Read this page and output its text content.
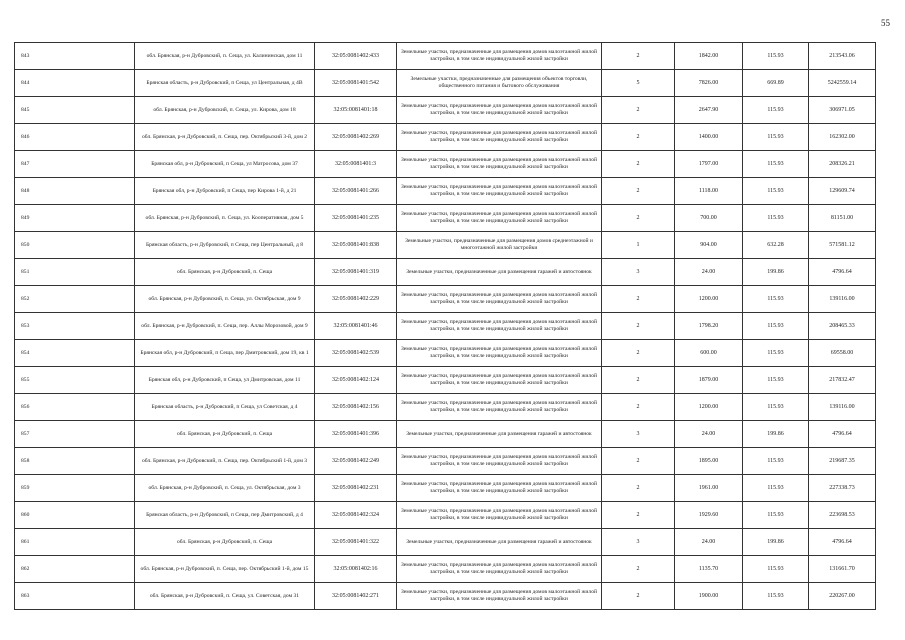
55
843	обл. Брянская, р-н Дубровский, п. Сеща, ул. Калининская, дом 11	32:05:0081402:433	Земельные участки, предназначенные для размещения домов малоэтажной жилой застройки, в том числе индивидуальной жилой застройки	2	1842.00	115.93	213543.06
844	Брянская область, р-н Дубровский, п Сеща, ул Центральная, д 4В	32:05:0081401:542	Земельные участки, предназначенные для размещения объектов торговли, общественного питания и бытового обслуживания	5	7826.00	669.89	5242559.14
845	обл. Брянская, р-н Дубровский, п. Сеща, ул. Кирова, дом 18	32:05:0081401:18	Земельные участки, предназначенные для размещения домов малоэтажной жилой застройки, в том числе индивидуальной жилой застройки	2	2647.90	115.93	306971.05
846	обл. Брянская, р-н Дубровский, п. Сеща, пер. Октябрьский 3-й, дом 2	32:05:0081402:269	Земельные участки, предназначенные для размещения домов малоэтажной жилой застройки, в том числе индивидуальной жилой застройки	2	1400.00	115.93	162302.00
847	Брянская обл, р-н Дубровский, п Сеща, ул Матросова, дом 37	32:05:0081401:3	Земельные участки, предназначенные для размещения домов малоэтажной жилой застройки, в том числе индивидуальной жилой застройки	2	1797.00	115.93	208326.21
848	Брянская обл, р-н Дубровский, п Сеща, пер Кирова 1-й, д 21	32:05:0081401:266	Земельные участки, предназначенные для размещения домов малоэтажной жилой застройки, в том числе индивидуальной жилой застройки	2	1118.00	115.93	129609.74
849	обл. Брянская, р-н Дубровский, п. Сеща, ул. Кооперативная, дом 5	32:05:0081401:235	Земельные участки, предназначенные для размещения домов малоэтажной жилой застройки, в том числе индивидуальной жилой застройки	2	700.00	115.93	81151.00
850	Брянская область, р-н Дубровский, п Сеща, пер Центральный, д 8	32:05:0081401:838	Земельные участки, предназначенные для размещения домов среднеэтажной и многоэтажной жилой застройки	1	904.00	632.28	571581.12
851	обл. Брянская, р-н Дубровский, п. Сеща	32:05:0081401:319	Земельные участки, предназначенные для размещения гаражей и автостоянок	3	24.00	199.86	4796.64
852	обл. Брянская, р-н Дубровский, п. Сеща, ул. Октябрьская, дом 9	32:05:0081402:229	Земельные участки, предназначенные для размещения домов малоэтажной жилой застройки, в том числе индивидуальной жилой застройки	2	1200.00	115.93	139116.00
853	обл. Брянская, р-н Дубровский, п. Сеща, пер. Аллы Морозовой, дом 9	32:05:0081401:46	Земельные участки, предназначенные для размещения домов малоэтажной жилой застройки, в том числе индивидуальной жилой застройки	2	1798.20	115.93	208465.33
854	Брянская обл, р-н Дубровский, п Сеща, пер Дмитровский, дом 19, кв 1	32:05:0081402:539	Земельные участки, предназначенные для размещения домов малоэтажной жилой застройки, в том числе индивидуальной жилой застройки	2	600.00	115.93	69558.00
855	Брянская обл, р-н Дубровский, п Сеща, ул Дмитровская, дом 11	32:05:0081402:124	Земельные участки, предназначенные для размещения домов малоэтажной жилой застройки, в том числе индивидуальной жилой застройки	2	1879.00	115.93	217832.47
856	Брянская область, р-н Дубровский, п Сеща, ул Советская, д 4	32:05:0081402:156	Земельные участки, предназначенные для размещения домов малоэтажной жилой застройки, в том числе индивидуальной жилой застройки	2	1200.00	115.93	139116.00
857	обл. Брянская, р-н Дубровский, п. Сеща	32:05:0081401:396	Земельные участки, предназначенные для размещения гаражей и автостоянок	3	24.00	199.86	4796.64
858	обл. Брянская, р-н Дубровский, п. Сеща, пер. Октябрьский 1-й, дом 3	32:05:0081402:249	Земельные участки, предназначенные для размещения домов малоэтажной жилой застройки, в том числе индивидуальной жилой застройки	2	1895.00	115.93	219687.35
859	обл. Брянская, р-н Дубровский, п. Сеща, ул. Октябрьская, дом 3	32:05:0081402:231	Земельные участки, предназначенные для размещения домов малоэтажной жилой застройки, в том числе индивидуальной жилой застройки	2	1961.00	115.93	227338.73
860	Брянская область, р-н Дубровский, п Сеща, пер Дмитровский, д 4	32:05:0081402:324	Земельные участки, предназначенные для размещения домов малоэтажной жилой застройки, в том числе индивидуальной жилой застройки	2	1929.60	115.93	223698.53
861	обл. Брянская, р-н Дубровский, п. Сеща	32:05:0081401:322	Земельные участки, предназначенные для размещения гаражей и автостоянок	3	24.00	199.86	4796.64
862	обл. Брянская, р-н Дубровский, п. Сеща, пер. Октябрьский 1-й, дом 15	32:05:0081402:16	Земельные участки, предназначенные для размещения домов малоэтажной жилой застройки, в том числе индивидуальной жилой застройки	2	1135.70	115.93	131661.70
863	обл. Брянская, р-н Дубровский, п. Сеща, ул. Советская, дом 31	32:05:0081402:271	Земельные участки, предназначенные для размещения домов малоэтажной жилой застройки, в том числе индивидуальной жилой застройки	2	1900.00	115.93	220267.00
